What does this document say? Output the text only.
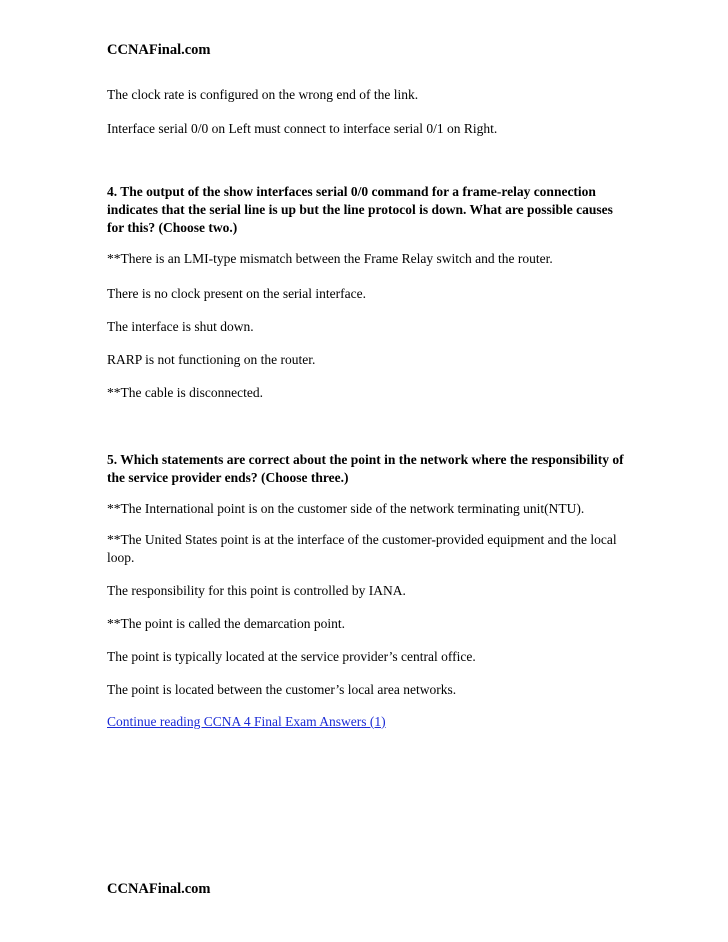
CCNAFinal.com

The clock rate is configured on the wrong end of the link.

Interface serial 0/0 on Left must connect to interface serial 0/1 on Right.

4. The output of the show interfaces serial 0/0 command for a frame-relay connection indicates that the serial line is up but the line protocol is down. What are possible causes for this? (Choose two.)

**There is an LMI-type mismatch between the Frame Relay switch and the router.

There is no clock present on the serial interface.

The interface is shut down.

RARP is not functioning on the router.

**The cable is disconnected.

5. Which statements are correct about the point in the network where the responsibility of the service provider ends? (Choose three.)

**The International point is on the customer side of the network terminating unit(NTU).

**The United States point is at the interface of the customer-provided equipment and the local loop.

The responsibility for this point is controlled by IANA.

**The point is called the demarcation point.

The point is typically located at the service provider’s central office.

The point is located between the customer’s local area networks.

Continue reading CCNA 4 Final Exam Answers (1)

CCNAFinal.com
